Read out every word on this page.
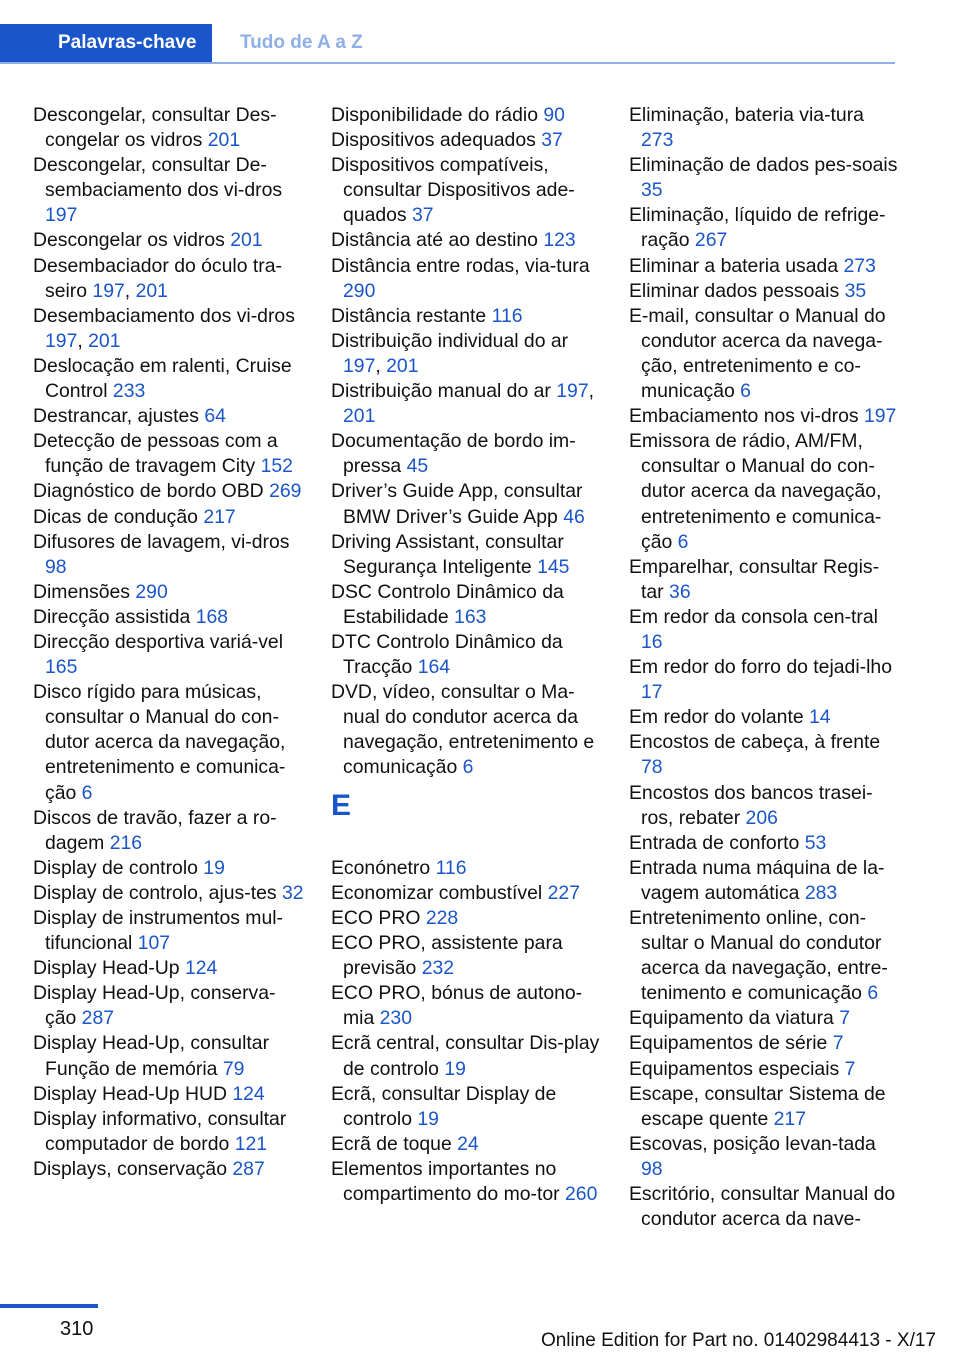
Palavras-chave	Tudo de A a Z
Descongelar, consultar Des-congelar os vidros 201
Descongelar, consultar De-sembaciamento dos vi-dros 197
Descongelar os vidros 201
Desembaciador do óculo tra-seiro 197, 201
Desembaciamento dos vi-dros 197, 201
Deslocação em ralenti, Cruise Control 233
Destrancar, ajustes 64
Detecção de pessoas com a função de travagem City 152
Diagnóstico de bordo OBD 269
Dicas de condução 217
Difusores de lavagem, vi-dros 98
Dimensões 290
Direcção assistida 168
Direcção desportiva variá-vel 165
Disco rígido para músicas, consultar o Manual do con-dutor acerca da navegação, entretenimento e comunica-ção 6
Discos de travão, fazer a ro-dagem 216
Display de controlo 19
Display de controlo, ajus-tes 32
Display de instrumentos mul-tifuncional 107
Display Head-Up 124
Display Head-Up, conserva-ção 287
Display Head-Up, consultar Função de memória 79
Display Head-Up HUD 124
Display informativo, consultar computador de bordo 121
Displays, conservação 287
Disponibilidade do rádio 90
Dispositivos adequados 37
Dispositivos compatíveis, consultar Dispositivos ade-quados 37
Distância até ao destino 123
Distância entre rodas, via-tura 290
Distância restante 116
Distribuição individual do ar 197, 201
Distribuição manual do ar 197, 201
Documentação de bordo im-pressa 45
Driver’s Guide App, consultar BMW Driver’s Guide App 46
Driving Assistant, consultar Segurança Inteligente 145
DSC Controlo Dinâmico da Estabilidade 163
DTC Controlo Dinâmico da Tracção 164
DVD, vídeo, consultar o Ma-nual do condutor acerca da navegação, entretenimento e comunicação 6
E
Econónetro 116
Economizar combustível 227
ECO PRO 228
ECO PRO, assistente para previsão 232
ECO PRO, bónus de autono-mia 230
Ecrã central, consultar Dis-play de controlo 19
Ecrã, consultar Display de controlo 19
Ecrã de toque 24
Elementos importantes no compartimento do mo-tor 260
Eliminação, bateria via-tura 273
Eliminação de dados pes-soais 35
Eliminação, líquido de refrige-ração 267
Eliminar a bateria usada 273
Eliminar dados pessoais 35
E-mail, consultar o Manual do condutor acerca da navega-ção, entretenimento e co-municação 6
Embaciamento nos vi-dros 197
Emissora de rádio, AM/FM, consultar o Manual do con-dutor acerca da navegação, entretenimento e comunica-ção 6
Emparelhar, consultar Regis-tar 36
Em redor da consola cen-tral 16
Em redor do forro do tejadi-lho 17
Em redor do volante 14
Encostos de cabeça, à frente 78
Encostos dos bancos trasei-ros, rebater 206
Entrada de conforto 53
Entrada numa máquina de la-vagem automática 283
Entretenimento online, con-sultar o Manual do condutor acerca da navegação, entre-tenimento e comunicação 6
Equipamento da viatura 7
Equipamentos de série 7
Equipamentos especiais 7
Escape, consultar Sistema de escape quente 217
Escovas, posição levan-tada 98
Escritório, consultar Manual do condutor acerca da nave-
310
Online Edition for Part no. 01402984413 - X/17
